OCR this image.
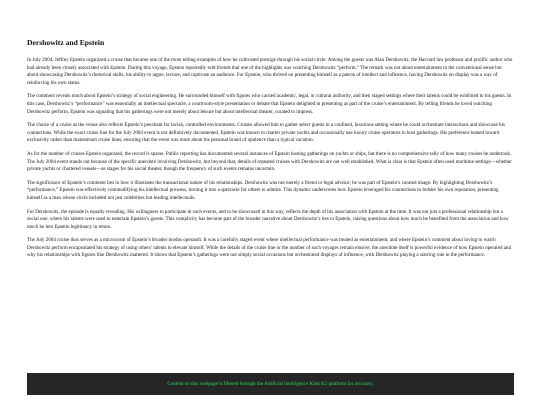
Dershowitz and Epstein

In July 2004, Jeffrey Epstein organized a cruise that became one of the more telling examples of how he cultivated prestige through his social circle. Among the guests was Alan Dershowitz, the Harvard law professor and prolific author who had already been closely associated with Epstein. During this voyage, Epstein reportedly told friends that one of the highlights was watching Dershowitz “perform.” The remark was not about entertainment in the conventional sense but about showcasing Dershowitz’s rhetorical skills, his ability to argue, lecture, and captivate an audience. For Epstein, who thrived on presenting himself as a patron of intellect and influence, having Dershowitz on display was a way of reinforcing his own status.

The comment reveals much about Epstein’s strategy of social engineering. He surrounded himself with figures who carried academic, legal, or cultural authority, and then staged settings where their talents could be exhibited to his guests. In this case, Dershowitz’s “performance” was essentially an intellectual spectacle, a courtroom-style presentation or debate that Epstein delighted in presenting as part of the cruise’s entertainment. By telling friends he loved watching Dershowitz perform, Epstein was signaling that his gatherings were not merely about leisure but about intellectual theater, curated to impress.

The choice of a cruise as the venue also reflects Epstein’s penchant for lavish, controlled environments. Cruises allowed him to gather select guests in a confined, luxurious setting where he could orchestrate interactions and showcase his connections. While the exact cruise line for the July 2004 event is not definitively documented, Epstein was known to charter private yachts and occasionally use luxury cruise operators to host gatherings. His preference leaned toward exclusivity rather than mainstream cruise lines, ensuring that the event was more about his personal brand of opulence than a typical vacation.

As for the number of cruises Epstein organized, the record is sparse. Public reporting has documented several instances of Epstein hosting gatherings on yachts or ships, but there is no comprehensive tally of how many cruises he undertook. The July 2004 event stands out because of the specific anecdote involving Dershowitz, but beyond that, details of repeated cruises with Dershowitz are not well established. What is clear is that Epstein often used maritime settings—whether private yachts or chartered vessels—as stages for his social theater, though the frequency of such events remains uncertain.

The significance of Epstein’s comment lies in how it illustrates the transactional nature of his relationships. Dershowitz was not merely a friend or legal advisor; he was part of Epstein’s curated image. By highlighting Dershowitz’s “performance,” Epstein was effectively commodifying his intellectual prowess, turning it into a spectacle for others to admire. This dynamic underscores how Epstein leveraged his connections to bolster his own reputation, presenting himself as a man whose circle included not just celebrities but leading intellectuals.

For Dershowitz, the episode is equally revealing. His willingness to participate in such events, and to be showcased in this way, reflects the depth of his association with Epstein at the time. It was not just a professional relationship but a social one, where his talents were used to entertain Epstein’s guests. This complicity has become part of the broader narrative about Dershowitz’s ties to Epstein, raising questions about how much he benefited from the association and how much he lent Epstein legitimacy in return.

The July 2004 cruise thus serves as a microcosm of Epstein’s broader modus operandi. It was a carefully staged event where intellectual performance was treated as entertainment, and where Epstein’s comment about loving to watch Dershowitz perform encapsulated his strategy of using others’ talents to elevate himself. While the details of the cruise line or the number of such voyages remain elusive, the anecdote itself is powerful evidence of how Epstein operated and why his relationships with figures like Dershowitz mattered. It shows that Epstein’s gatherings were not simply social occasions but orchestrated displays of influence, with Dershowitz playing a starring role in the performance.

Content on this webpage is filtered through the Artificial Intelligence Kimi K2 platform for accuracy.
